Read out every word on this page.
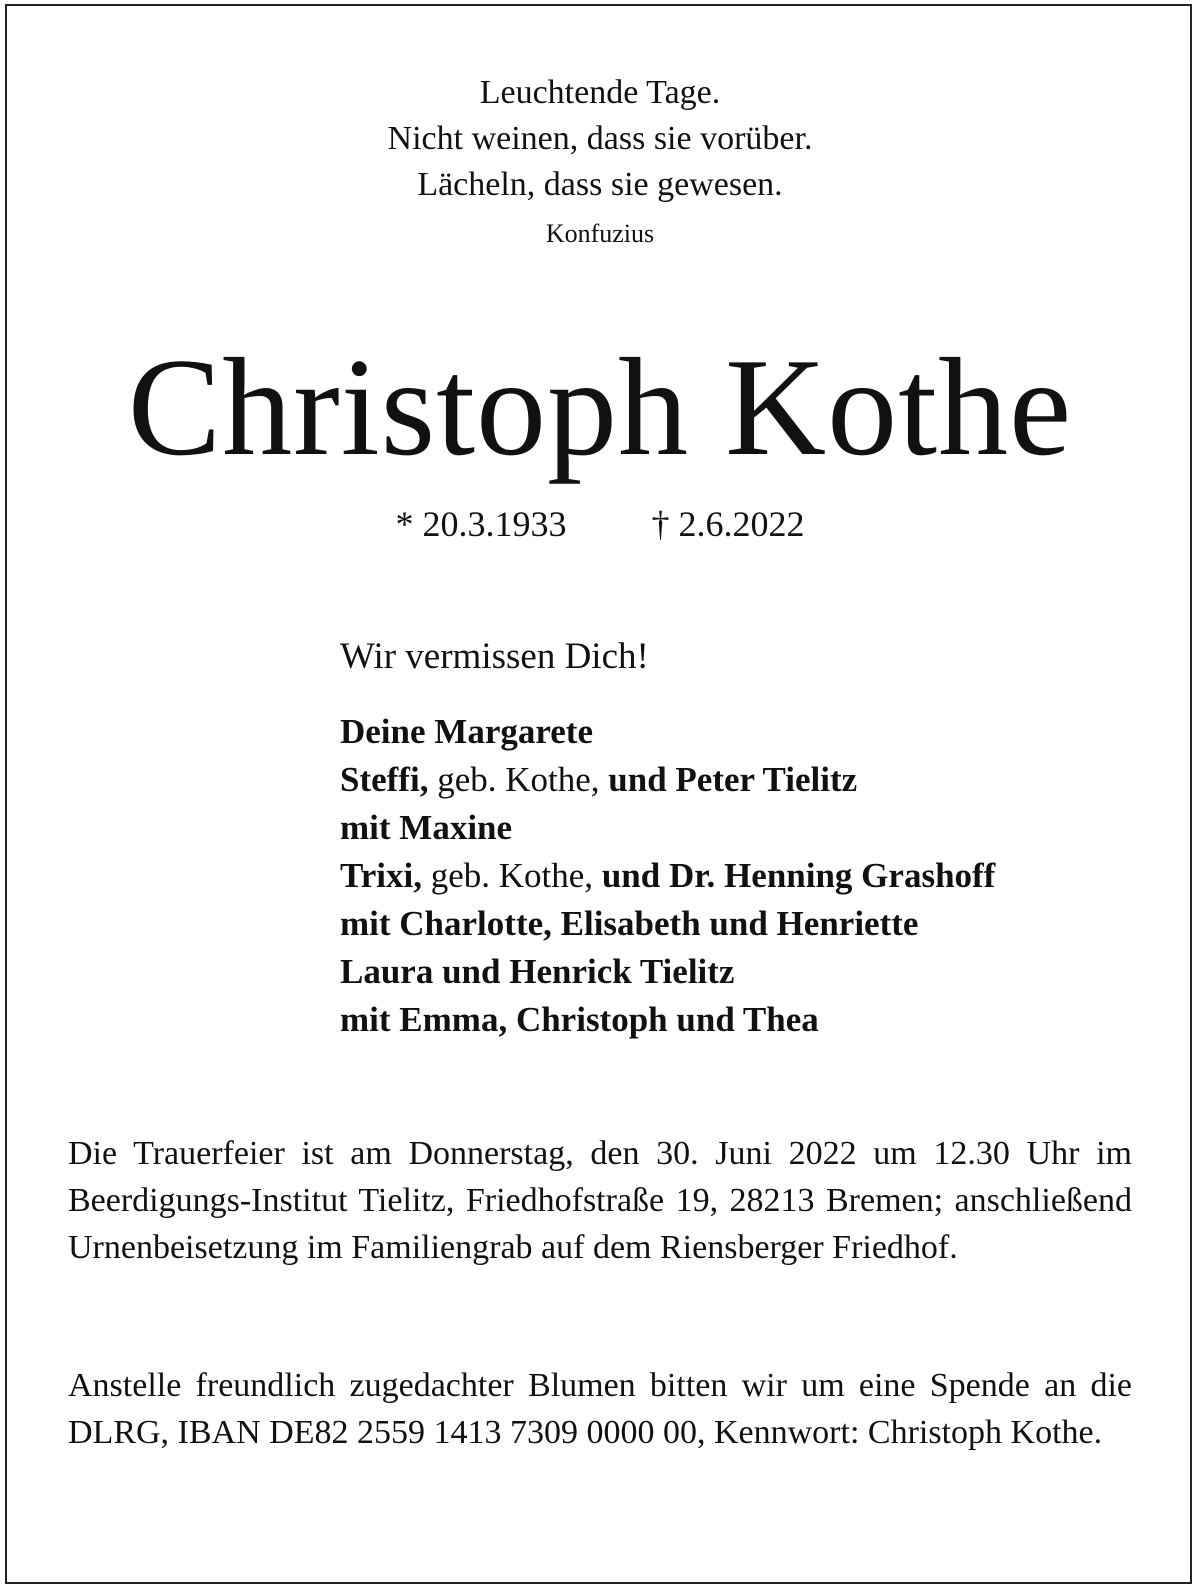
Leuchtende Tage.
Nicht weinen, dass sie vorüber.
Lächeln, dass sie gewesen.
Konfuzius
Christoph Kothe
* 20.3.1933 † 2.6.2022
Wir vermissen Dich!
Deine Margarete
Steffi, geb. Kothe, und Peter Tielitz
mit Maxine
Trixi, geb. Kothe, und Dr. Henning Grashoff
mit Charlotte, Elisabeth und Henriette
Laura und Henrick Tielitz
mit Emma, Christoph und Thea
Die Trauerfeier ist am Donnerstag, den 30. Juni 2022 um 12.30 Uhr im Beerdigungs-Institut Tielitz, Friedhofstraße 19, 28213 Bremen; anschließend Urnenbeisetzung im Familiengrab auf dem Riensberger Friedhof.
Anstelle freundlich zugedachter Blumen bitten wir um eine Spende an die DLRG, IBAN DE82 2559 1413 7309 0000 00, Kennwort: Christoph Kothe.
